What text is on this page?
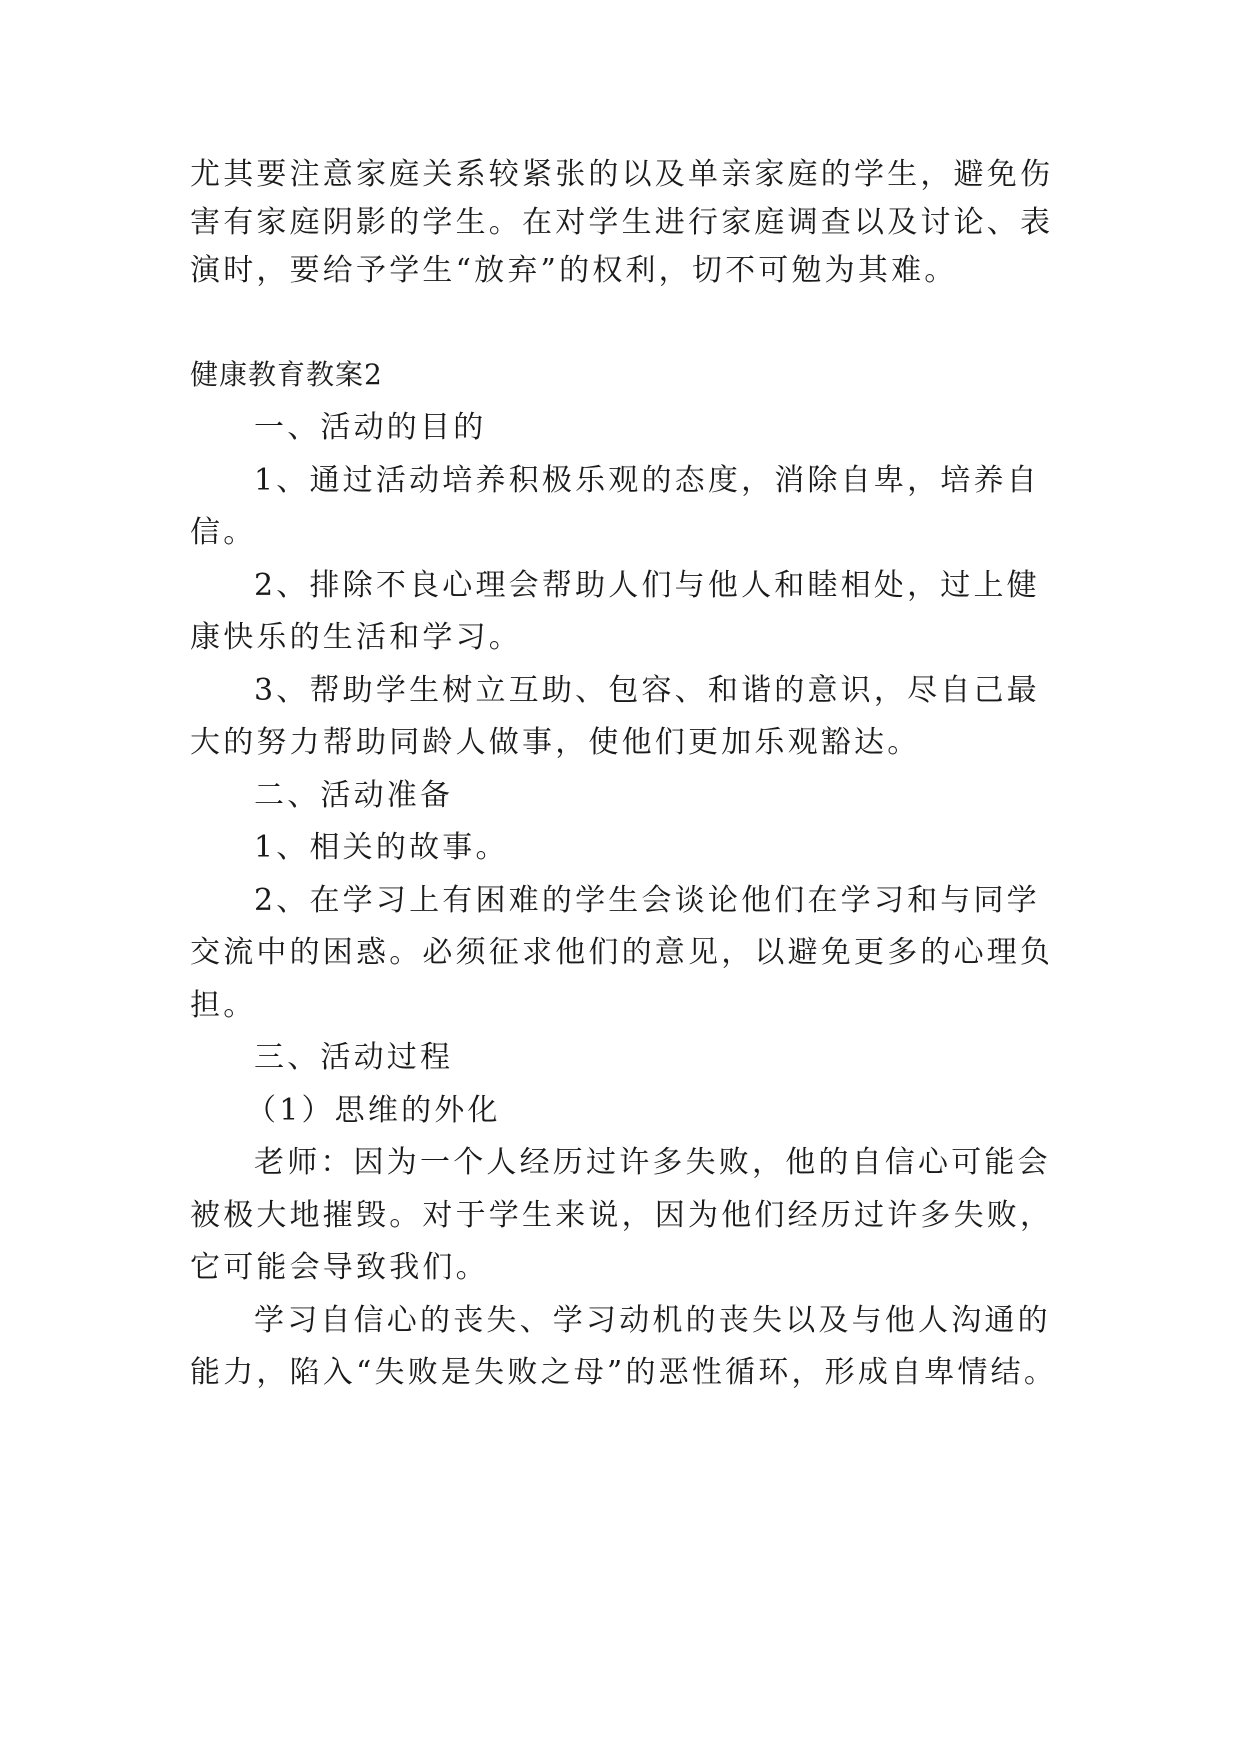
尤其要注意家庭关系较紧张的以及单亲家庭的学生，避免伤
害有家庭阴影的学生。在对学生进行家庭调查以及讨论、表
演时，要给予学生“放弃”的权利，切不可勉为其难。
健康教育教案2
一、活动的目的
1、通过活动培养积极乐观的态度，消除自卑，培养自
信。
2、排除不良心理会帮助人们与他人和睦相处，过上健
康快乐的生活和学习。
3、帮助学生树立互助、包容、和谐的意识，尽自己最
大的努力帮助同龄人做事，使他们更加乐观豁达。
二、活动准备
1、相关的故事。
2、在学习上有困难的学生会谈论他们在学习和与同学
交流中的困惑。必须征求他们的意见，以避免更多的心理负
担。
三、活动过程
（1）思维的外化
老师：因为一个人经历过许多失败，他的自信心可能会
被极大地摧毁。对于学生来说，因为他们经历过许多失败，
它可能会导致我们。
学习自信心的丧失、学习动机的丧失以及与他人沟通的
能力，陷入“失败是失败之母”的恶性循环，形成自卑情结。
